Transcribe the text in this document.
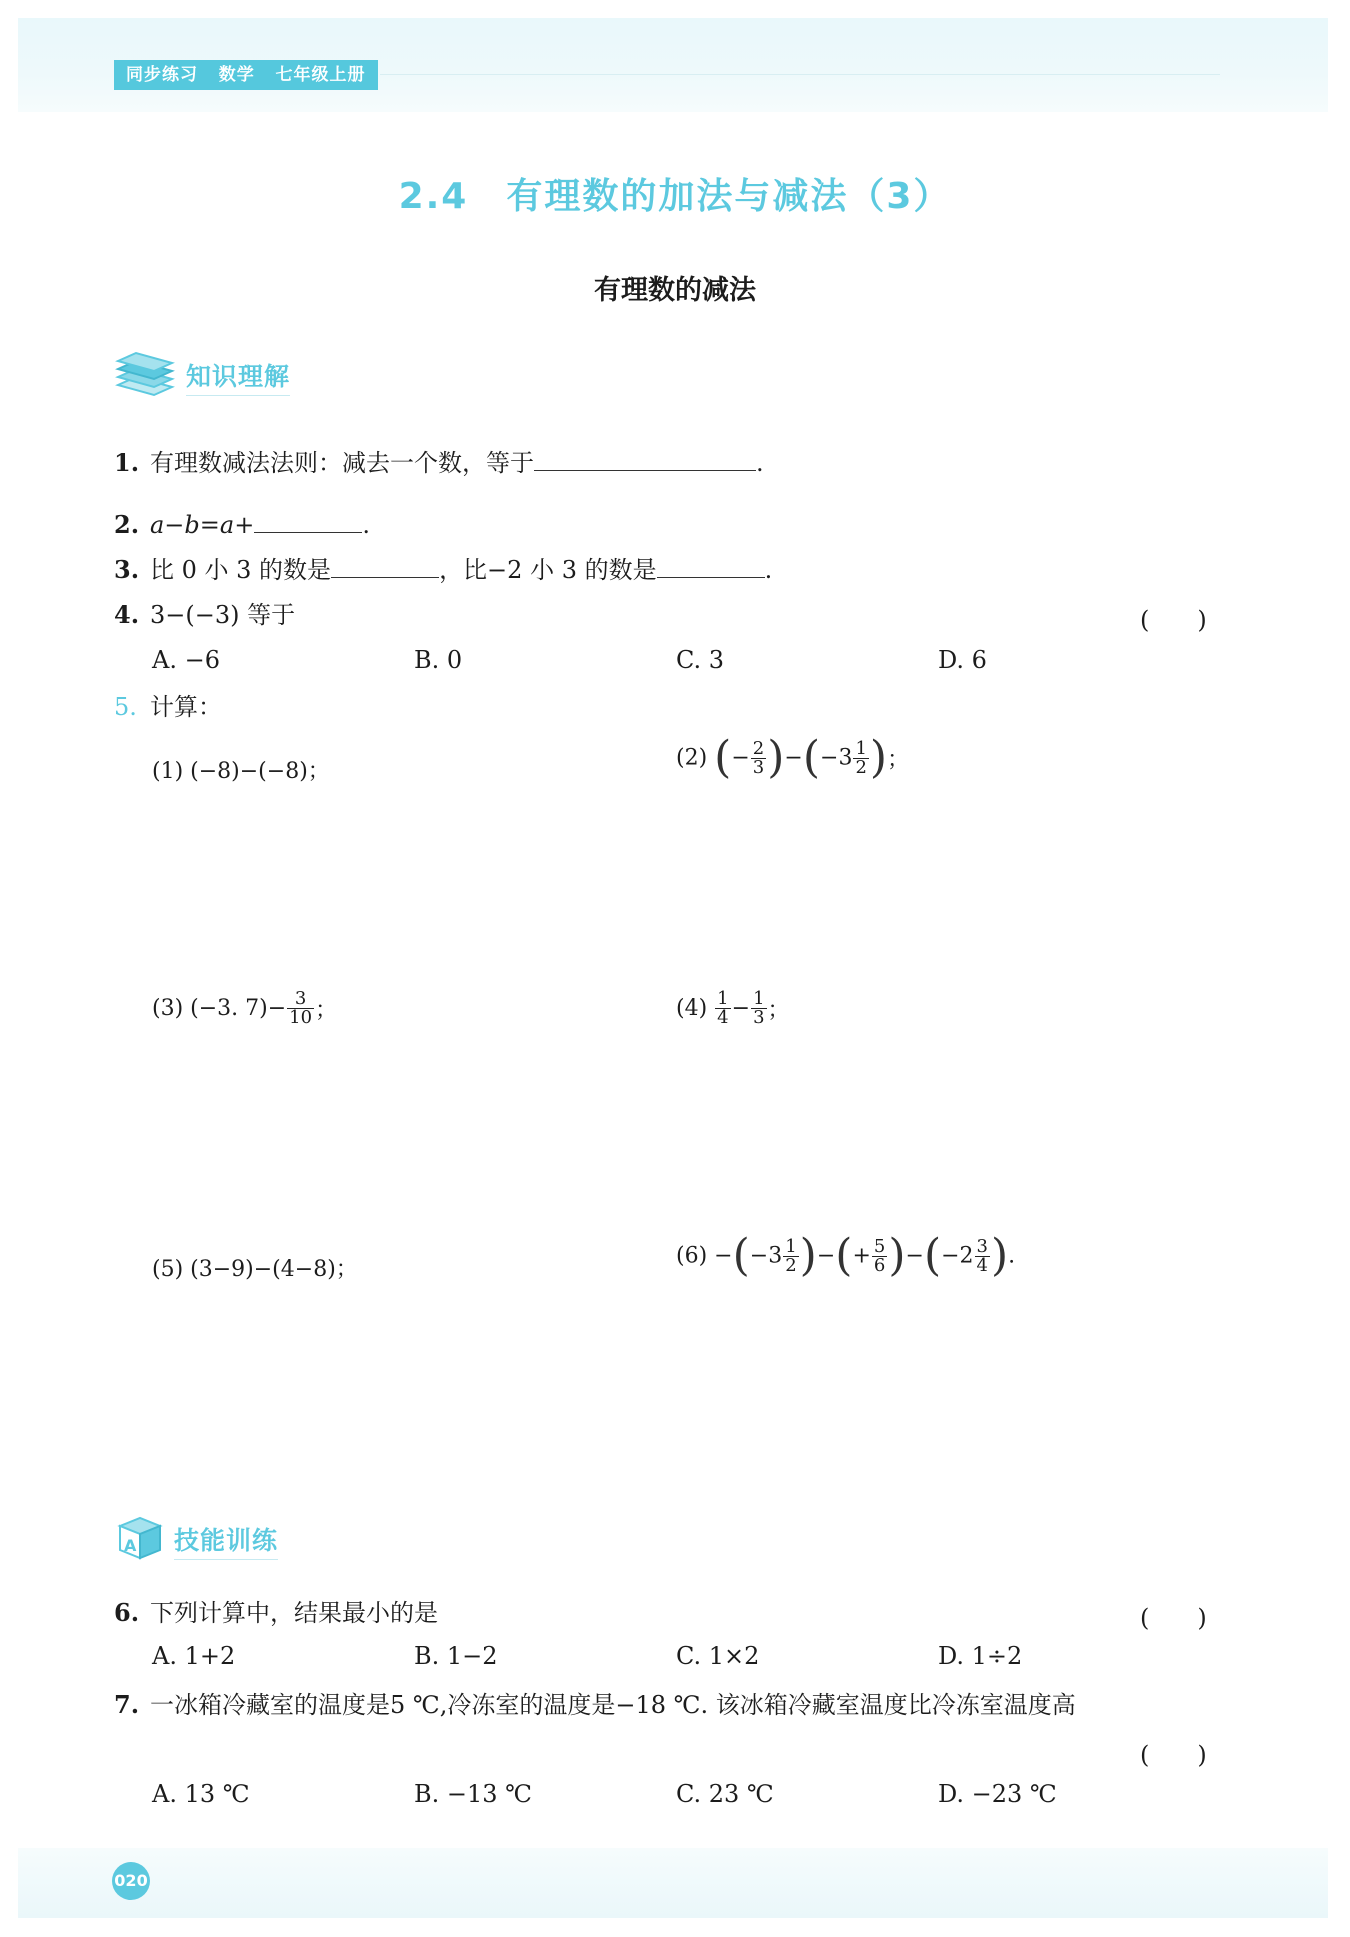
同步练习 数学 七年级上册
2.4　有理数的加法与减法（3）
有理数的减法
知识理解
1. 有理数减法法则：减去一个数，等于	.
2. a−b=a+	.
3. 比 0 小 3 的数是	，比−2 小 3 的数是	.
4. 3−(−3) 等于	(　　)
A. −6	B. 0	C. 3	D. 6
5. 计算：
(1) (−8)−(−8)；
(2) (− $\frac{2}{3} )-(-3 \frac{1}{2}$ )；
(3) (−3. $7)- \frac{3}{10}$ ；	$(4) \frac{1}{4} - \frac{1}{3}$ ；
(5) (3−9)−(4−8)；
$(6) -(-3 \frac{1}{2}$ )−(+ $\frac{5}{6} )-(-2 \frac{3}{4}$ ).
A 技能训练
6. 下列计算中，结果最小的是	(　　)
A. 1+2	B. 1−2	C. 1×2	D. 1÷2
7. 一冰箱冷藏室的温度是5 ℃,冷冻室的温度是−18 ℃. 该冰箱冷藏室温度比冷冻室温度高
(　　)
A. 13 ℃	B. −13 ℃	C. 23 ℃	D. −23 ℃
020
